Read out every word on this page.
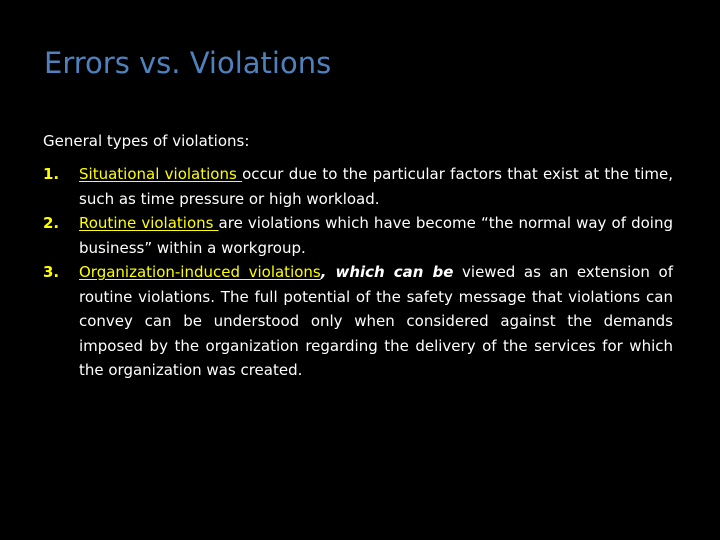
Errors vs. Violations
General types of violations:
1. Situational violations occur due to the particular factors that exist at the time, such as time pressure or high workload.
2. Routine violations are violations which have become “the normal way of doing business” within a workgroup.
3. Organization-induced violations, which can be viewed as an extension of routine violations. The full potential of the safety message that violations can convey can be understood only when considered against the demands imposed by the organization regarding the delivery of the services for which the organization was created.
